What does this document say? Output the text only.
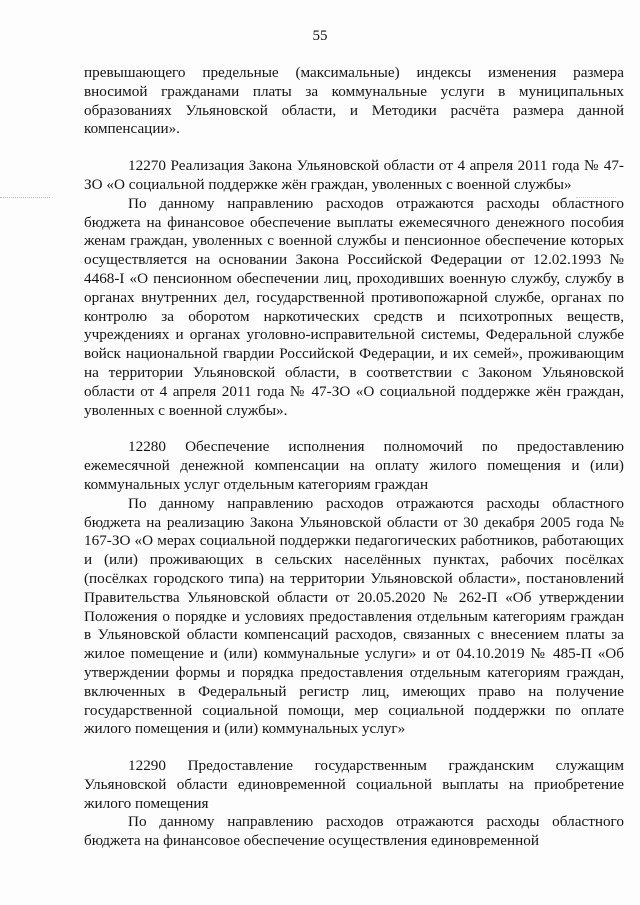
55

превышающего предельные (максимальные) индексы изменения размера вносимой гражданами платы за коммунальные услуги в муниципальных образованиях Ульяновской области, и Методики расчёта размера данной компенсации».

12270 Реализация Закона Ульяновской области от 4 апреля 2011 года № 47-ЗО «О социальной поддержке жён граждан, уволенных с военной службы»

По данному направлению расходов отражаются расходы областного бюджета на финансовое обеспечение выплаты ежемесячного денежного пособия женам граждан, уволенных с военной службы и пенсионное обеспечение которых осуществляется на основании Закона Российской Федерации от 12.02.1993 № 4468-I «О пенсионном обеспечении лиц, проходивших военную службу, службу в органах внутренних дел, государственной противопожарной службе, органах по контролю за оборотом наркотических средств и психотропных веществ, учреждениях и органах уголовно-исправительной системы, Федеральной службе войск национальной гвардии Российской Федерации, и их семей», проживающим на территории Ульяновской области, в соответствии с Законом Ульяновской области от 4 апреля 2011 года № 47-ЗО «О социальной поддержке жён граждан, уволенных с военной службы».

12280 Обеспечение исполнения полномочий по предоставлению ежемесячной денежной компенсации на оплату жилого помещения и (или) коммунальных услуг отдельным категориям граждан

По данному направлению расходов отражаются расходы областного бюджета на реализацию Закона Ульяновской области от 30 декабря 2005 года № 167-ЗО «О мерах социальной поддержки педагогических работников, работающих и (или) проживающих в сельских населённых пунктах, рабочих посёлках (посёлках городского типа) на территории Ульяновской области», постановлений Правительства Ульяновской области от 20.05.2020 № 262-П «Об утверждении Положения о порядке и условиях предоставления отдельным категориям граждан в Ульяновской области компенсаций расходов, связанных с внесением платы за жилое помещение и (или) коммунальные услуги» и от 04.10.2019 № 485-П «Об утверждении формы и порядка предоставления отдельным категориям граждан, включенных в Федеральный регистр лиц, имеющих право на получение государственной социальной помощи, мер социальной поддержки по оплате жилого помещения и (или) коммунальных услуг»

12290 Предоставление государственным гражданским служащим Ульяновской области единовременной социальной выплаты на приобретение жилого помещения

По данному направлению расходов отражаются расходы областного бюджета на финансовое обеспечение осуществления единовременной
